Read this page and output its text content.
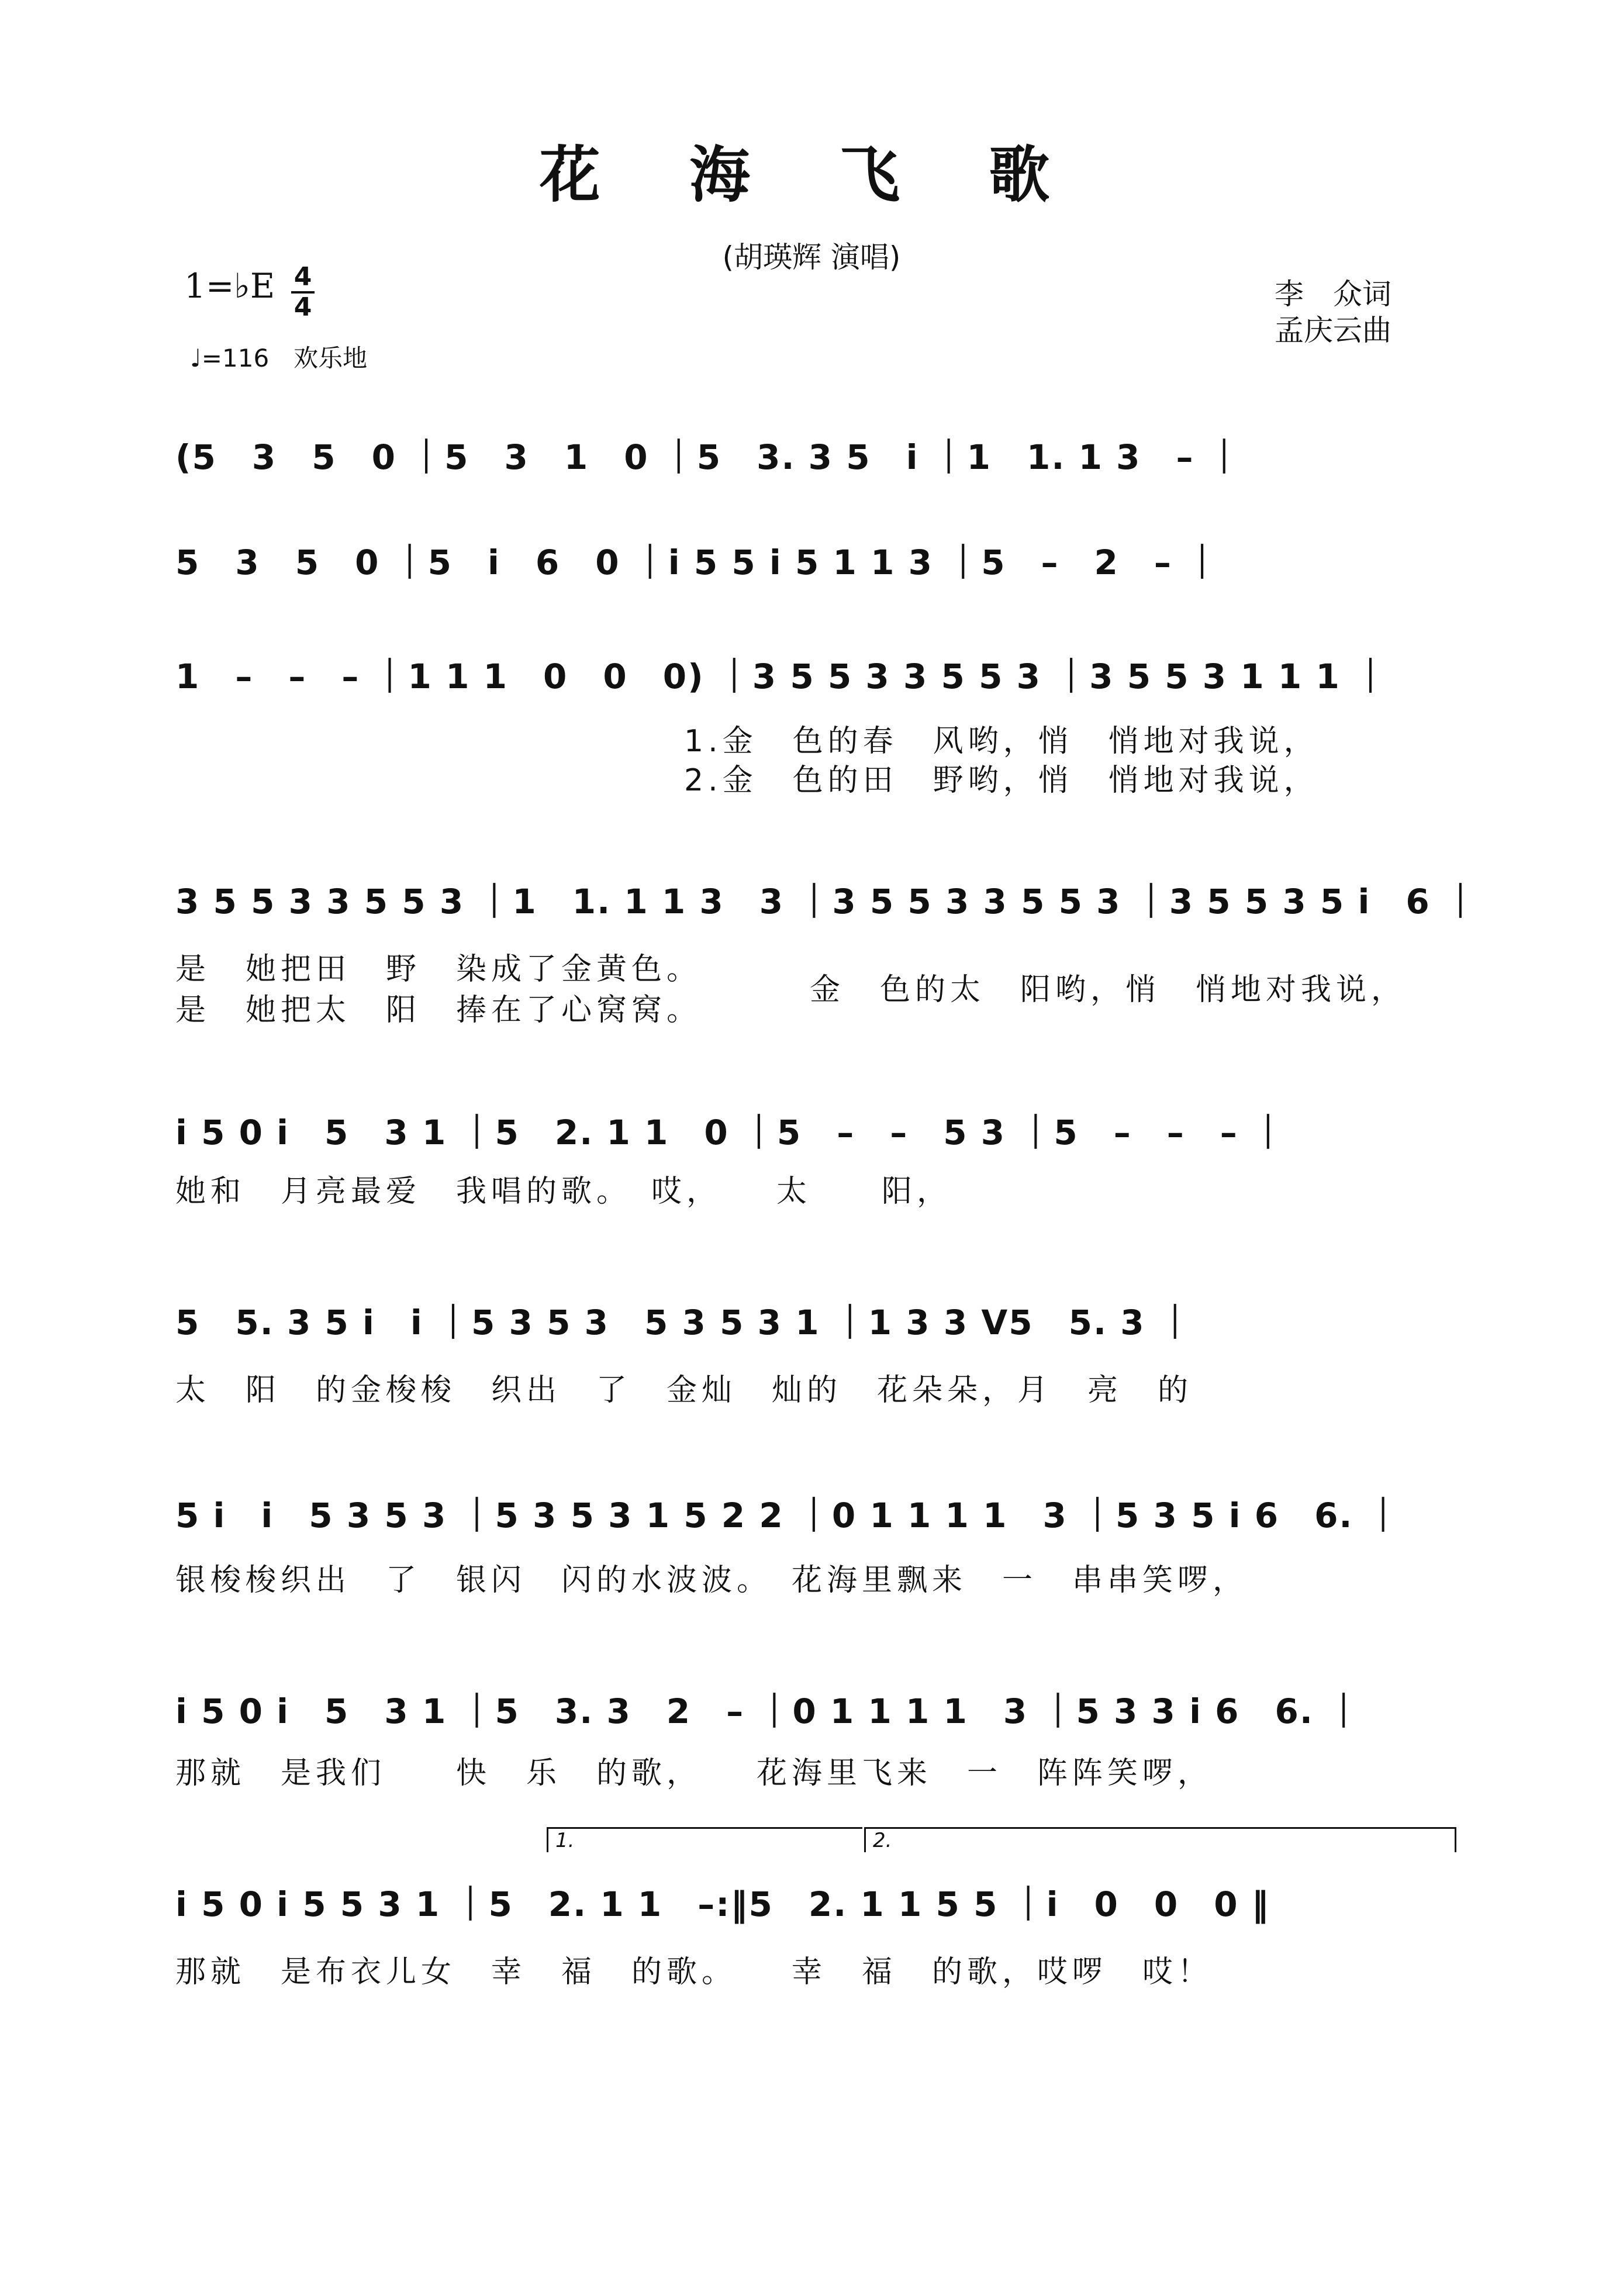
花 海 飞 歌
(胡瑛辉 演唱)
1=♭E 4
4
♩=116　欢乐地
李　众词
孟庆云曲
(5　3　5　0 ｜5　3　1　0 ｜5　3. 3 5　i ｜1　1. 1 3　– ｜
5　3　5　0 ｜5　i　6　0 ｜i 5 5 i 5 1 1 3 ｜5　–　2　– ｜
1　–　–　– ｜1 1 1　0　0　0) ｜3 5 5 3 3 5 5 3 ｜3 5 5 3 1 1 1 ｜
1.金　色的春　风哟，悄　悄地对我说，
2.金　色的田　野哟，悄　悄地对我说，
3 5 5 3 3 5 5 3 ｜1　1. 1 1 3　3 ｜3 5 5 3 3 5 5 3 ｜3 5 5 3 5 i　6 ｜
是　她把田　野　染成了金黄色。
是　她把太　阳　捧在了心窝窝。
金　色的太　阳哟，悄　悄地对我说，
i 5 0 i　5　3 1 ｜5　2. 1 1　0 ｜5　–　–　5 3 ｜5　–　–　– ｜
她和　月亮最爱　我唱的歌。　哎，　　太　　阳，
5　5. 3 5 i　i ｜5 3 5 3　5 3 5 3 1 ｜1 3 3 ᐯ5　5. 3 ｜
太　阳　的金梭梭　织出　了　金灿　灿的　花朵朵，月　亮　的
5 i　i　5 3 5 3 ｜5 3 5 3 1 5 2 2 ｜0 1 1 1 1　3 ｜5 3 5 i 6　6. ｜
银梭梭织出　了　银闪　闪的水波波。　花海里飘来　一　串串笑啰，
i 5 0 i　5　3 1 ｜5　3. 3　2　– ｜0 1 1 1 1　3 ｜5 3 3 i 6　6. ｜
那就　是我们　　快　乐　的歌，　　花海里飞来　一　阵阵笑啰，
1.	2.
i 5 0 i 5 5 3 1 ｜5　2. 1 1　–:‖5　2. 1 1 5 5 ｜i　0　0　0 ‖
那就　是布衣儿女　幸　福　的歌。　　幸　福　的歌，哎啰　哎！
